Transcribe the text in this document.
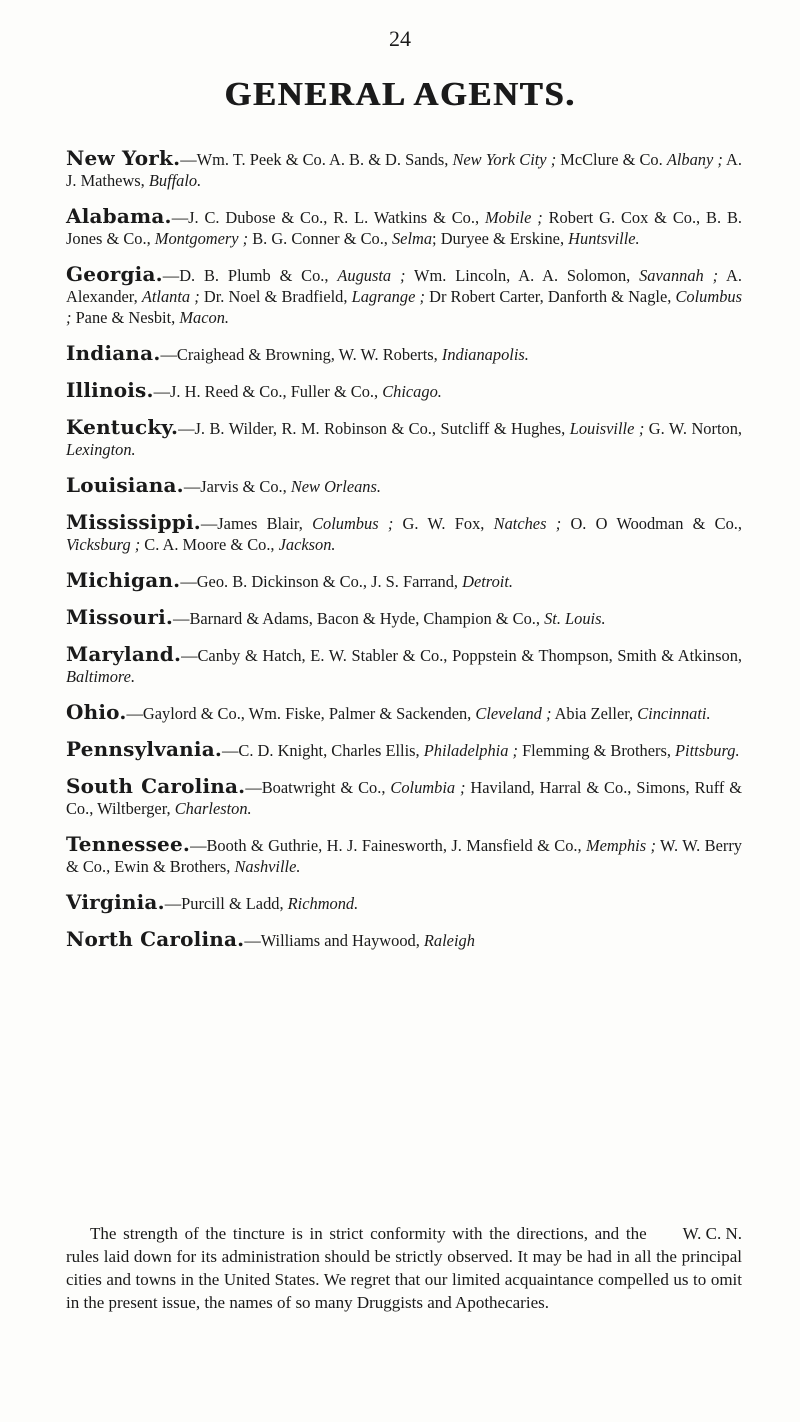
24
GENERAL AGENTS.

New York.—Wm. T. Peek & Co. A. B. & D. Sands, New York City ; McClure & Co. Albany ; A. J. Mathews, Buffalo.

Alabama.—J. C. Dubose & Co., R. L. Watkins & Co., Mobile ; Robert G. Cox & Co., B. B. Jones & Co., Montgomery ; B. G. Conner & Co., Selma; Duryee & Erskine, Huntsville.

Georgia.—D. B. Plumb & Co., Augusta ; Wm. Lincoln, A. A. Solomon, Savannah ; A. Alexander, Atlanta ; Dr. Noel & Bradfield, Lagrange ; Dr Robert Carter, Danforth & Nagle, Columbus ; Pane & Nesbit, Macon.

Indiana.—Craighead & Browning, W. W. Roberts, Indianapolis.

Illinois.—J. H. Reed & Co., Fuller & Co., Chicago.

Kentucky.—J. B. Wilder, R. M. Robinson & Co., Sutcliff & Hughes, Louisville ; G. W. Norton, Lexington.

Louisiana.—Jarvis & Co., New Orleans.

Mississippi.—James Blair, Columbus ; G. W. Fox, Natches ; O. O Woodman & Co., Vicksburg ; C. A. Moore & Co., Jackson.

Michigan.—Geo. B. Dickinson & Co., J. S. Farrand, Detroit.

Missouri.—Barnard & Adams, Bacon & Hyde, Champion & Co., St. Louis.

Maryland.—Canby & Hatch, E. W. Stabler & Co., Poppstein & Thompson, Smith & Atkinson, Baltimore.

Ohio.—Gaylord & Co., Wm. Fiske, Palmer & Sackenden, Cleveland ; Abia Zeller, Cincinnati.

Pennsylvania.—C. D. Knight, Charles Ellis, Philadelphia ; Flemming & Brothers, Pittsburg.

South Carolina.—Boatwright & Co., Columbia ; Haviland, Harral & Co., Simons, Ruff & Co., Wiltberger, Charleston.

Tennessee.—Booth & Guthrie, H. J. Fainesworth, J. Mansfield & Co., Memphis ; W. W. Berry & Co., Ewin & Brothers, Nashville.

Virginia.—Purcill & Ladd, Richmond.

North Carolina.—Williams and Haywood, Raleigh

W. C. N.
The strength of the tincture is in strict conformity with the directions, and the rules laid down for its administration should be strictly observed. It may be had in all the principal cities and towns in the United States. We regret that our limited acquaintance compelled us to omit in the present issue, the names of so many Druggists and Apothecaries.
